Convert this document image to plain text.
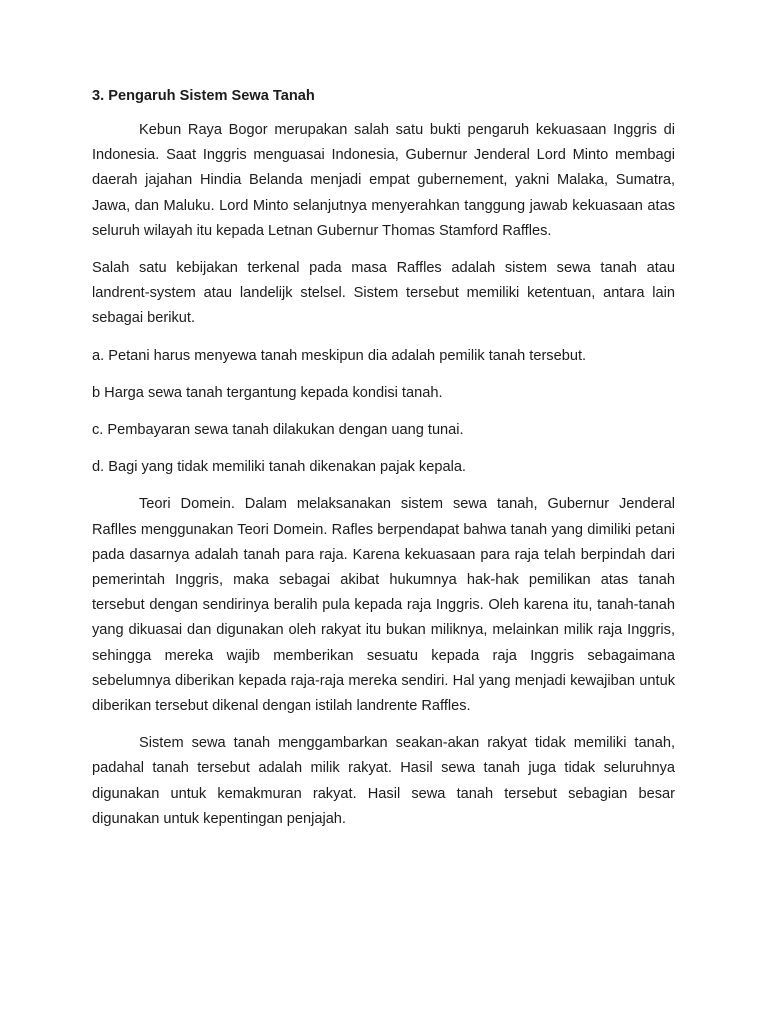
3. Pengaruh Sistem Sewa Tanah

Kebun Raya Bogor merupakan salah satu bukti pengaruh kekuasaan Inggris di Indonesia. Saat Inggris menguasai Indonesia, Gubernur Jenderal Lord Minto membagi daerah jajahan Hindia Belanda menjadi empat gubernement, yakni Malaka, Sumatra, Jawa, dan Maluku. Lord Minto selanjutnya menyerahkan tanggung jawab kekuasaan atas seluruh wilayah itu kepada Letnan Gubernur Thomas Stamford Raffles.

Salah satu kebijakan terkenal pada masa Raffles adalah sistem sewa tanah atau landrent-system atau landelijk stelsel. Sistem tersebut memiliki ketentuan, antara lain sebagai berikut.

a. Petani harus menyewa tanah meskipun dia adalah pemilik tanah tersebut.
b Harga sewa tanah tergantung kepada kondisi tanah.
c. Pembayaran sewa tanah dilakukan dengan uang tunai.
d. Bagi yang tidak memiliki tanah dikenakan pajak kepala.

Teori Domein. Dalam melaksanakan sistem sewa tanah, Gubernur Jenderal Raflles menggunakan Teori Domein. Rafles berpendapat bahwa tanah yang dimiliki petani pada dasarnya adalah tanah para raja. Karena kekuasaan para raja telah berpindah dari pemerintah Inggris, maka sebagai akibat hukumnya hak-hak pemilikan atas tanah tersebut dengan sendirinya beralih pula kepada raja Inggris. Oleh karena itu, tanah-tanah yang dikuasai dan digunakan oleh rakyat itu bukan miliknya, melainkan milik raja Inggris, sehingga mereka wajib memberikan sesuatu kepada raja Inggris sebagaimana sebelumnya diberikan kepada raja-raja mereka sendiri. Hal yang menjadi kewajiban untuk diberikan tersebut dikenal dengan istilah landrente Raffles.

Sistem sewa tanah menggambarkan seakan-akan rakyat tidak memiliki tanah, padahal tanah tersebut adalah milik rakyat. Hasil sewa tanah juga tidak seluruhnya digunakan untuk kemakmuran rakyat. Hasil sewa tanah tersebut sebagian besar digunakan untuk kepentingan penjajah.
